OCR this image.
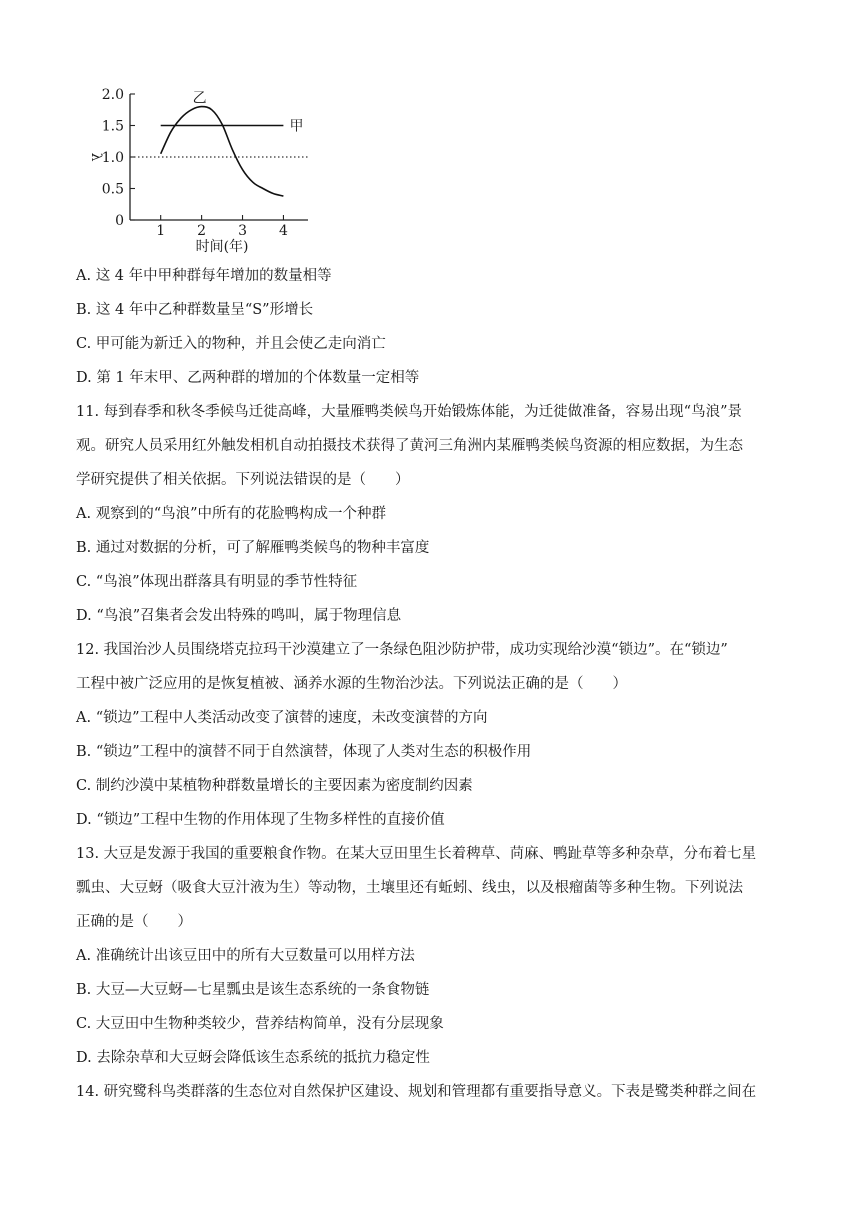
0
0.5
1.0
1.5
2.0
1 2 3 4
时间(年)
λ
甲
乙
A. 这 4 年中甲种群每年增加的数量相等
B. 这 4 年中乙种群数量呈“S”形增长
C. 甲可能为新迁入的物种，并且会使乙走向消亡
D. 第 1 年末甲、乙两种群的增加的个体数量一定相等
11. 每到春季和秋冬季候鸟迁徙高峰，大量雁鸭类候鸟开始锻炼体能，为迁徙做准备，容易出现“鸟浪”景
观。研究人员采用红外触发相机自动拍摄技术获得了黄河三角洲内某雁鸭类候鸟资源的相应数据，为生态
学研究提供了相关依据。下列说法错误的是（　　）
A. 观察到的“鸟浪”中所有的花脸鸭构成一个种群
B. 通过对数据的分析，可了解雁鸭类候鸟的物种丰富度
C. “鸟浪”体现出群落具有明显的季节性特征
D. “鸟浪”召集者会发出特殊的鸣叫，属于物理信息
12. 我国治沙人员围绕塔克拉玛干沙漠建立了一条绿色阻沙防护带，成功实现给沙漠“锁边”。在“锁边”
工程中被广泛应用的是恢复植被、涵养水源的生物治沙法。下列说法正确的是（　　）
A. “锁边”工程中人类活动改变了演替的速度，未改变演替的方向
B. “锁边”工程中的演替不同于自然演替，体现了人类对生态的积极作用
C. 制约沙漠中某植物种群数量增长的主要因素为密度制约因素
D. “锁边”工程中生物的作用体现了生物多样性的直接价值
13. 大豆是发源于我国的重要粮食作物。在某大豆田里生长着稗草、苘麻、鸭趾草等多种杂草，分布着七星
瓢虫、大豆蚜（吸食大豆汁液为生）等动物，土壤里还有蚯蚓、线虫，以及根瘤菌等多种生物。下列说法
正确的是（　　）
A. 准确统计出该豆田中的所有大豆数量可以用样方法
B. 大豆—大豆蚜—七星瓢虫是该生态系统的一条食物链
C. 大豆田中生物种类较少，营养结构简单，没有分层现象
D. 去除杂草和大豆蚜会降低该生态系统的抵抗力稳定性
14. 研究鹭科鸟类群落的生态位对自然保护区建设、规划和管理都有重要指导意义。下表是鹭类种群之间在
